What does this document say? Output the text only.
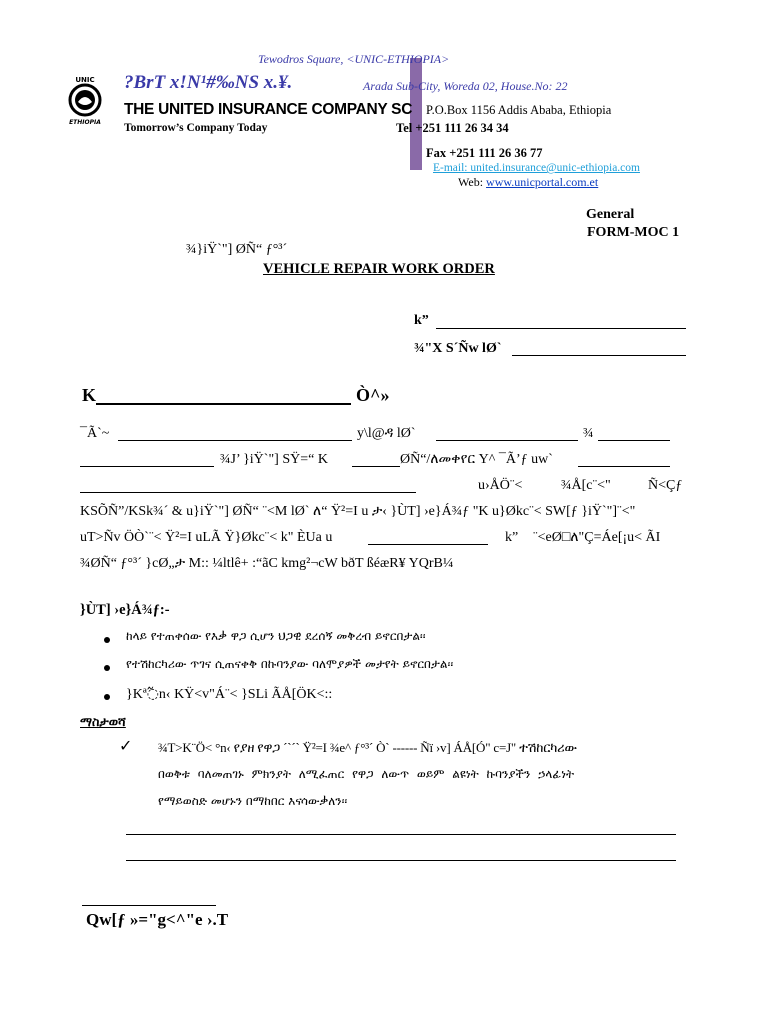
UNIC
ETHIOPIA
Tewodros Square, <UNIC-ETHIOPIA>
?BrT x!N¹#‰NS x.¥.	Arada Sub-City, Woreda 02, House.No: 22
THE UNITED INSURANCE COMPANY SC P.O.Box 1156 Addis Ababa, Ethiopia
Tomorrow’s Company Today	Tel +251 111 26 34 34
Fax +251 111 26 36 77
E-mail: united.insurance@unic-ethiopia.com
Web: www.unicportal.com.et
General
FORM-MOC 1
¾}iŸ`"] ØÑ“ ƒ°³´
VEHICLE REPAIR WORK ORDER
k”
¾"X S´Ñw lØ`
K	Ò^»
¯Ã`~	y\l@ዳ lØ`	¾
¾J’ }iŸ`"] SŸ=“ K	ØÑ“/ለመቀየር Y^ ¯Ã’ƒ uw`
u›ÅÖ¨<	¾Å[c¨<"	Ñ<Çƒ
KSÕÑ”/KSk¾´ & u}iŸ`"] ØÑ“ ¨<M lØ` ለ“ Ÿ²=I u ታ‹ }ÙT] ›e}Á¾ƒ "K u}Økc¨< SW[ƒ }iŸ`"]¨<"
uT>Ñv ÖÒ`¨< Ÿ²=I uLÃ Ÿ}Økc¨< k" ÈUa u	k” ¨<eØ□ለ"Ç=Áe[¡u< ÃI
¾ØÑ“ ƒ°³´ }cØ„ታ M:: ¼ltlê+ :“ãC kmg²¬cW bðT ßéæR¥ YQrB¼
}ÙT] ›e}Á¾ƒ:-
ከላይ የተጠቀሰው የእቃ ዋጋ ሲሆን ህጋዊ ደረሰኝ መቅረብ ይኖርበታል፡፡
የተሽከርካሪው ጥገና ሲጠናቀቅ በኩባንያው ባለሞያዎች መታየት ይኖርበታል፡፡
}Kª߬n‹ KŸ<v"Á¨< }SLi ÃÅ[ÖK<::
ማስታወሻ
✓ ¾T>K¨Ö< °n‹ የያዘ የዋጋ ´`´` Ÿ²=I ¾e^ ƒ°³´ Ò` ------ Ñï ›v] ÁÅ[Ó" c=J" ተሽከርካሪው
በወቅቱ ባለመጠገኑ ምክንያት ለሚፈጠር የዋጋ ለውጥ ወይም ልዩነት ኩባንያችን ኃላፊነት
የማይወስድ መሆኑን በማከበር እናሳውቃለን፡፡
Qw[ƒ »="g<^"e ›.T
